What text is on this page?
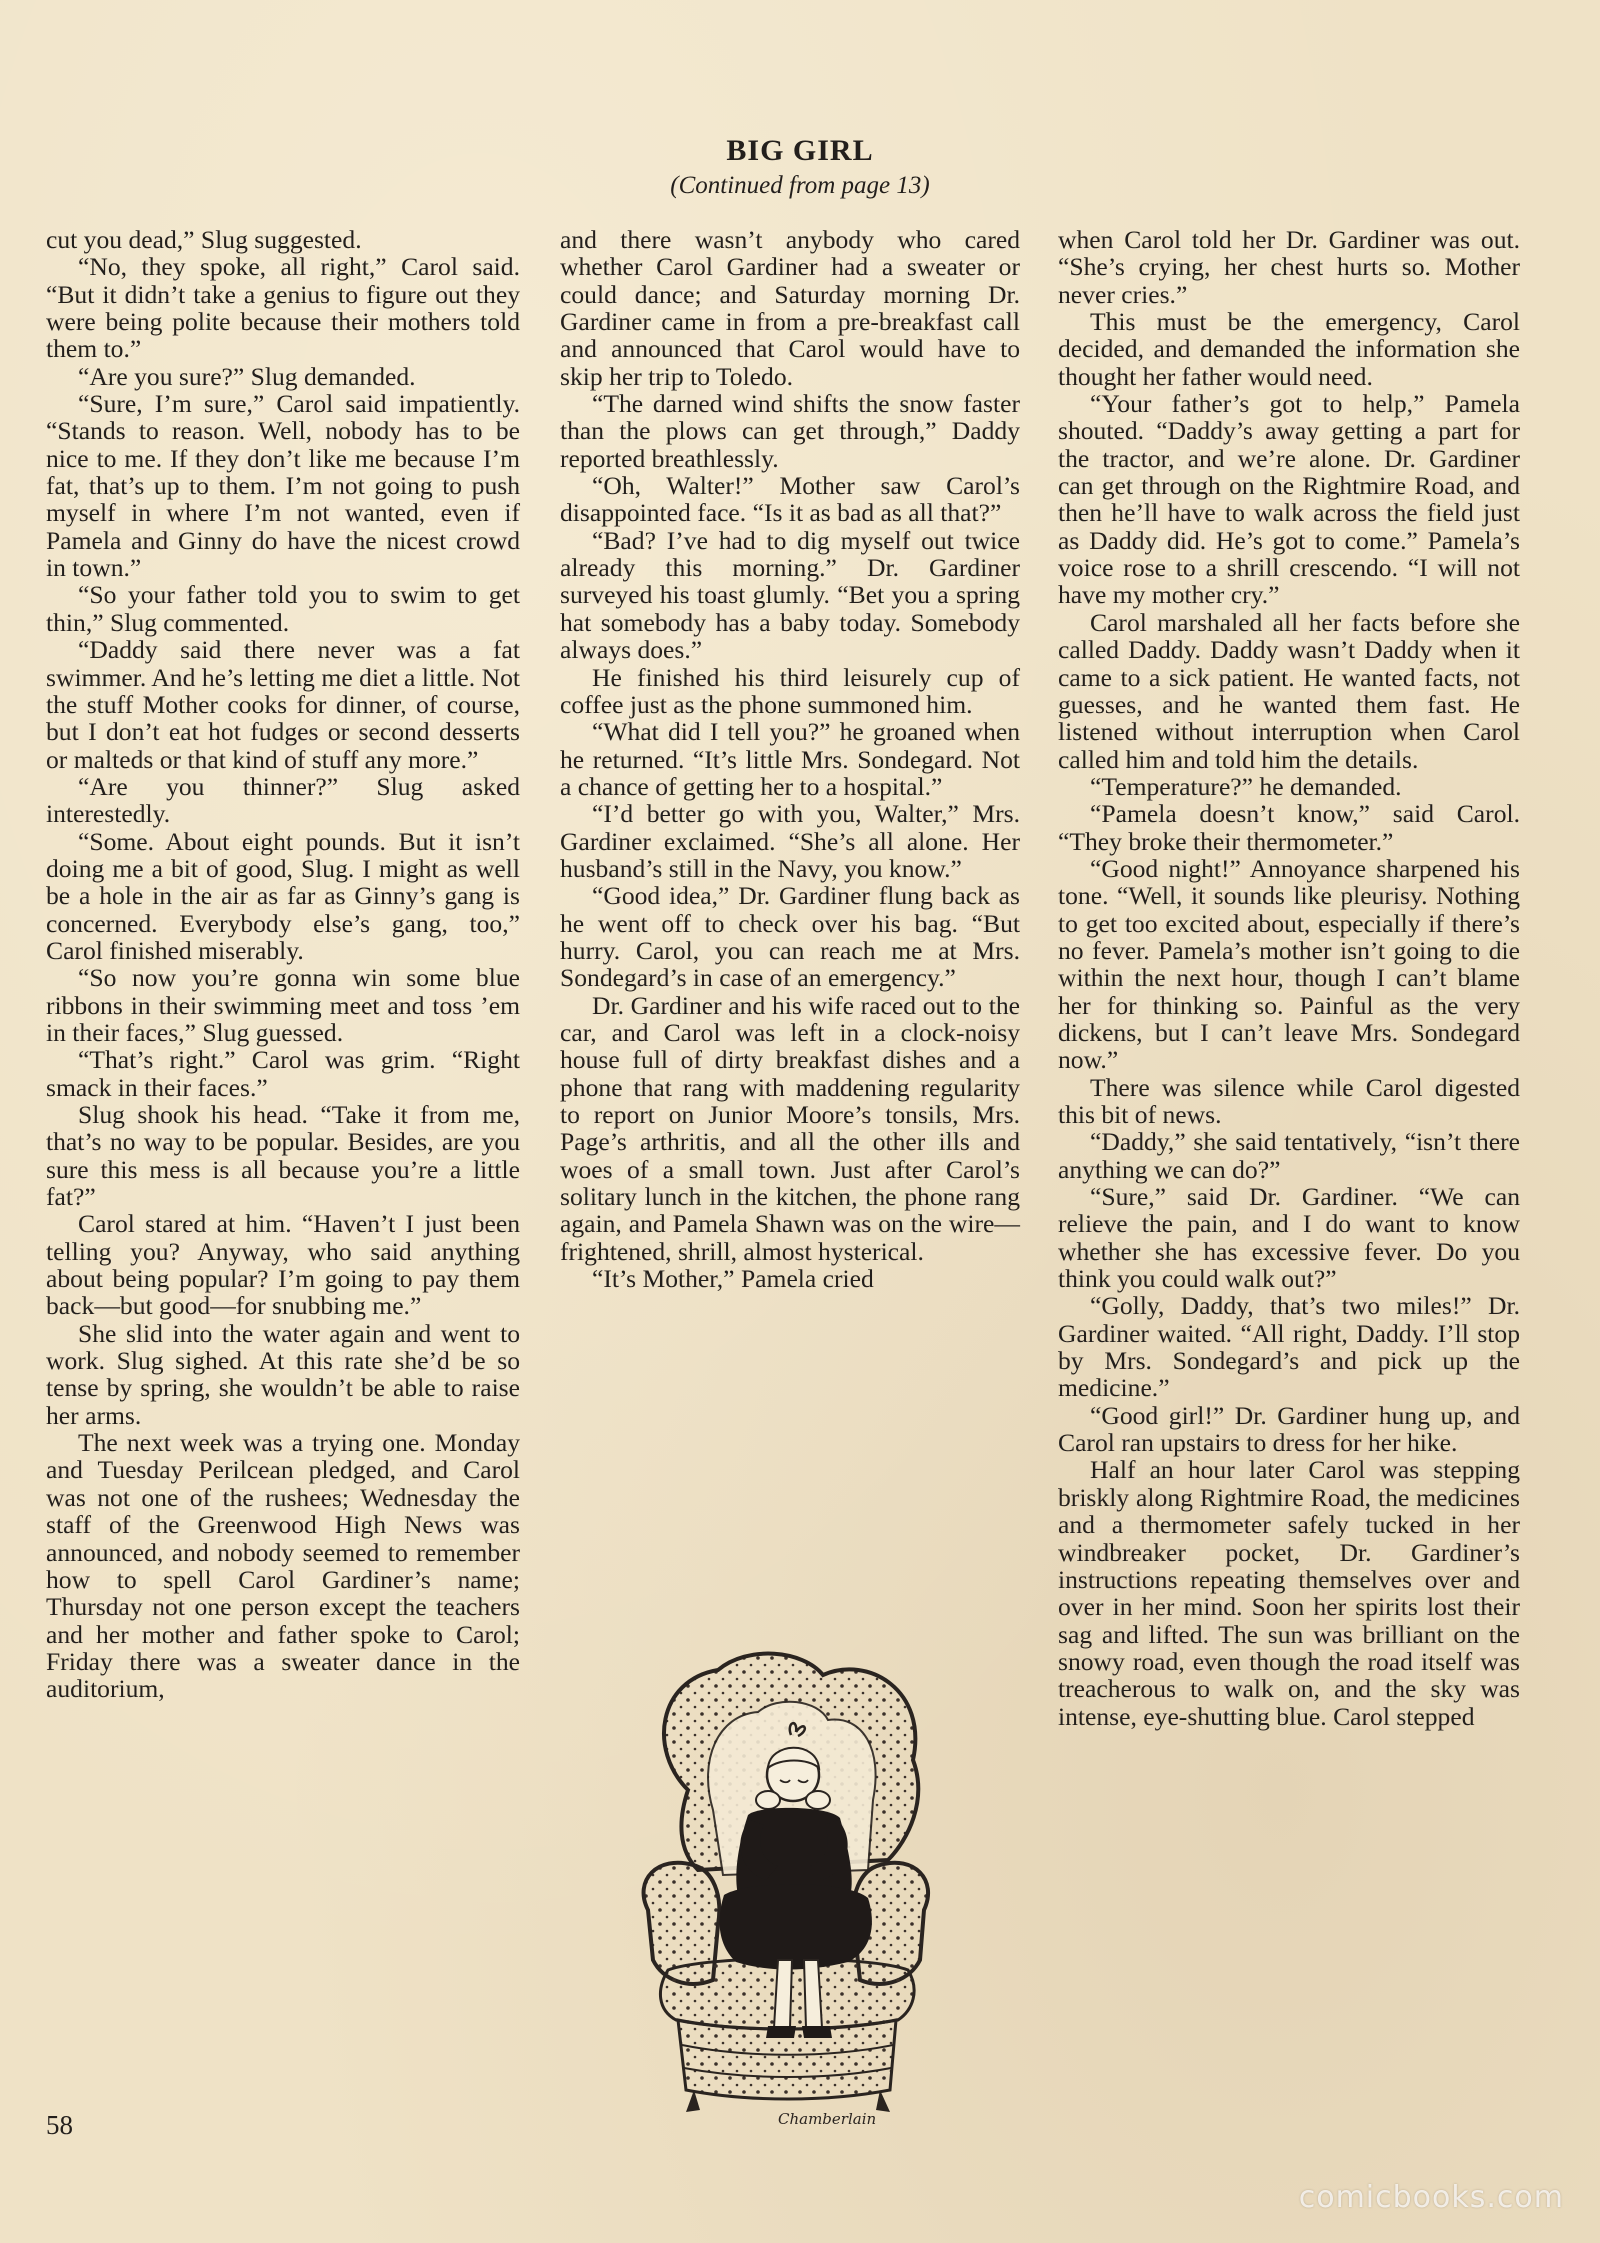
BIG GIRL
(Continued from page 13)

cut you dead,” Slug suggested.

“No, they spoke, all right,” Carol said. “But it didn’t take a genius to figure out they were being polite because their mothers told them to.”

“Are you sure?” Slug demanded.

“Sure, I’m sure,” Carol said impatiently. “Stands to reason. Well, nobody has to be nice to me. If they don’t like me because I’m fat, that’s up to them. I’m not going to push myself in where I’m not wanted, even if Pamela and Ginny do have the nicest crowd in town.”

“So your father told you to swim to get thin,” Slug commented.

“Daddy said there never was a fat swimmer. And he’s letting me diet a little. Not the stuff Mother cooks for dinner, of course, but I don’t eat hot fudges or second desserts or malteds or that kind of stuff any more.”

“Are you thinner?” Slug asked interestedly.

“Some. About eight pounds. But it isn’t doing me a bit of good, Slug. I might as well be a hole in the air as far as Ginny’s gang is concerned. Everybody else’s gang, too,” Carol finished miserably.

“So now you’re gonna win some blue ribbons in their swimming meet and toss ’em in their faces,” Slug guessed.

“That’s right.” Carol was grim. “Right smack in their faces.”

Slug shook his head. “Take it from me, that’s no way to be popular. Besides, are you sure this mess is all because you’re a little fat?”

Carol stared at him. “Haven’t I just been telling you? Anyway, who said anything about being popular? I’m going to pay them back—but good—for snubbing me.”

She slid into the water again and went to work. Slug sighed. At this rate she’d be so tense by spring, she wouldn’t be able to raise her arms.

The next week was a trying one. Monday and Tuesday Perilcean pledged, and Carol was not one of the rushees; Wednesday the staff of the Greenwood High News was announced, and nobody seemed to remember how to spell Carol Gardiner’s name; Thursday not one person except the teachers and her mother and father spoke to Carol; Friday there was a sweater dance in the auditorium,

and there wasn’t anybody who cared whether Carol Gardiner had a sweater or could dance; and Saturday morning Dr. Gardiner came in from a pre-breakfast call and announced that Carol would have to skip her trip to Toledo.

“The darned wind shifts the snow faster than the plows can get through,” Daddy reported breathlessly.

“Oh, Walter!” Mother saw Carol’s disappointed face. “Is it as bad as all that?”

“Bad? I’ve had to dig myself out twice already this morning.” Dr. Gardiner surveyed his toast glumly. “Bet you a spring hat somebody has a baby today. Somebody always does.”

He finished his third leisurely cup of coffee just as the phone summoned him.

“What did I tell you?” he groaned when he returned. “It’s little Mrs. Sondegard. Not a chance of getting her to a hospital.”

“I’d better go with you, Walter,” Mrs. Gardiner exclaimed. “She’s all alone. Her husband’s still in the Navy, you know.”

“Good idea,” Dr. Gardiner flung back as he went off to check over his bag. “But hurry. Carol, you can reach me at Mrs. Sondegard’s in case of an emergency.”

Dr. Gardiner and his wife raced out to the car, and Carol was left in a clock-noisy house full of dirty breakfast dishes and a phone that rang with maddening regularity to report on Junior Moore’s tonsils, Mrs. Page’s arthritis, and all the other ills and woes of a small town. Just after Carol’s solitary lunch in the kitchen, the phone rang again, and Pamela Shawn was on the wire—frightened, shrill, almost hysterical.

“It’s Mother,” Pamela cried

when Carol told her Dr. Gardiner was out. “She’s crying, her chest hurts so. Mother never cries.”

This must be the emergency, Carol decided, and demanded the information she thought her father would need.

“Your father’s got to help,” Pamela shouted. “Daddy’s away getting a part for the tractor, and we’re alone. Dr. Gardiner can get through on the Rightmire Road, and then he’ll have to walk across the field just as Daddy did. He’s got to come.” Pamela’s voice rose to a shrill crescendo. “I will not have my mother cry.”

Carol marshaled all her facts before she called Daddy. Daddy wasn’t Daddy when it came to a sick patient. He wanted facts, not guesses, and he wanted them fast. He listened without interruption when Carol called him and told him the details.

“Temperature?” he demanded.

“Pamela doesn’t know,” said Carol. “They broke their thermometer.”

“Good night!” Annoyance sharpened his tone. “Well, it sounds like pleurisy. Nothing to get too excited about, especially if there’s no fever. Pamela’s mother isn’t going to die within the next hour, though I can’t blame her for thinking so. Painful as the very dickens, but I can’t leave Mrs. Sondegard now.”

There was silence while Carol digested this bit of news.

“Daddy,” she said tentatively, “isn’t there anything we can do?”

“Sure,” said Dr. Gardiner. “We can relieve the pain, and I do want to know whether she has excessive fever. Do you think you could walk out?”

“Golly, Daddy, that’s two miles!” Dr. Gardiner waited. “All right, Daddy. I’ll stop by Mrs. Sondegard’s and pick up the medicine.”

“Good girl!” Dr. Gardiner hung up, and Carol ran upstairs to dress for her hike.

Half an hour later Carol was stepping briskly along Rightmire Road, the medicines and a thermometer safely tucked in her windbreaker pocket, Dr. Gardiner’s instructions repeating themselves over and over in her mind. Soon her spirits lost their sag and lifted. The sun was brilliant on the snowy road, even though the road itself was treacherous to walk on, and the sky was intense, eye-shutting blue. Carol stepped

Chamberlain
58
comicbooks.com
